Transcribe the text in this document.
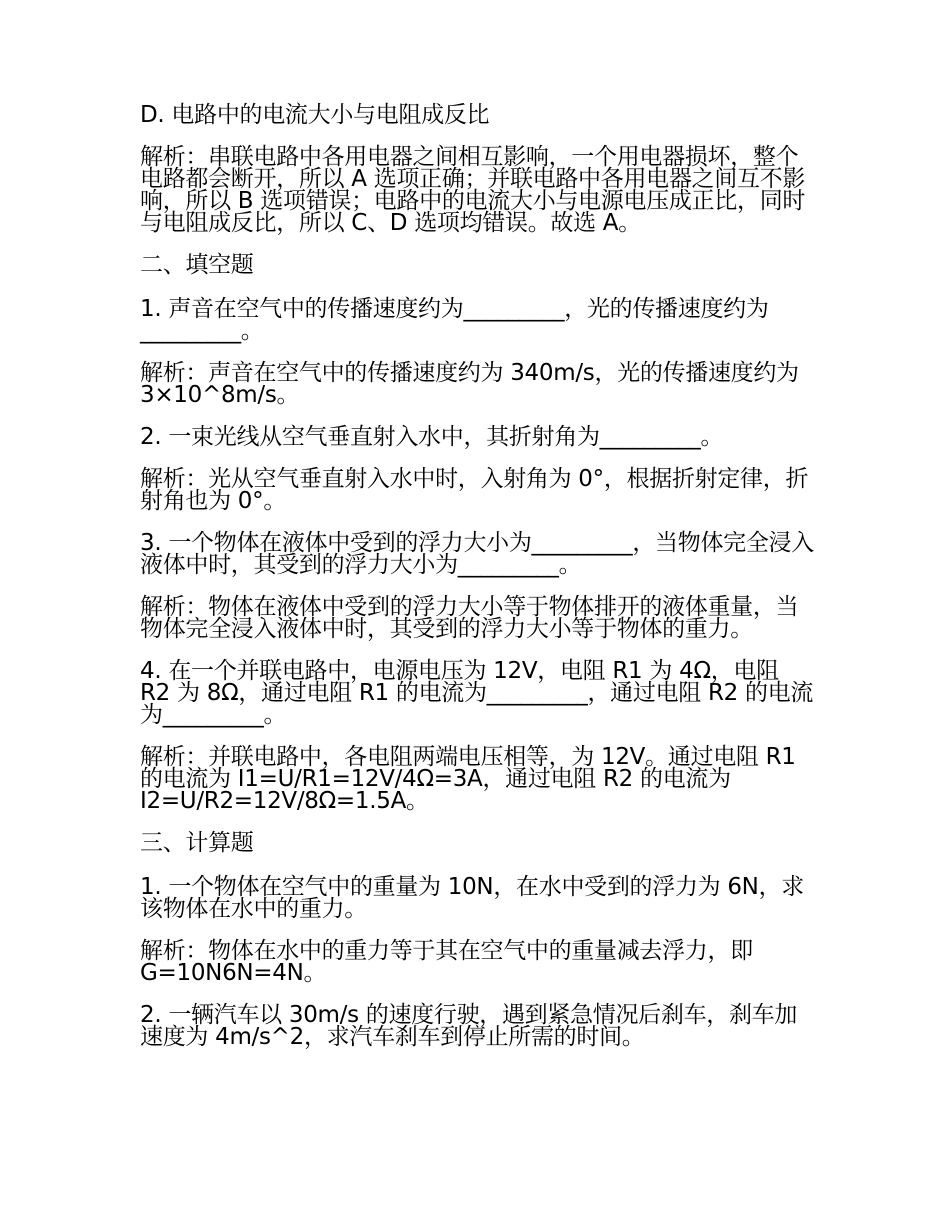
D. 电路中的电流大小与电阻成反比

解析：串联电路中各用电器之间相互影响，一个用电器损坏，整个电路都会断开，所以 A 选项正确；并联电路中各用电器之间互不影响，所以 B 选项错误；电路中的电流大小与电源电压成正比，同时与电阻成反比，所以 C、D 选项均错误。故选 A。

二、填空题

1. 声音在空气中的传播速度约为_________，光的传播速度约为_________。

解析：声音在空气中的传播速度约为 340m/s，光的传播速度约为 3×10^8m/s。

2. 一束光线从空气垂直射入水中，其折射角为_________。

解析：光从空气垂直射入水中时，入射角为 0°，根据折射定律，折射角也为 0°。

3. 一个物体在液体中受到的浮力大小为_________，当物体完全浸入液体中时，其受到的浮力大小为_________。

解析：物体在液体中受到的浮力大小等于物体排开的液体重量，当物体完全浸入液体中时，其受到的浮力大小等于物体的重力。

4. 在一个并联电路中，电源电压为 12V，电阻 R1 为 4Ω，电阻 R2 为 8Ω，通过电阻 R1 的电流为_________，通过电阻 R2 的电流为_________。

解析：并联电路中，各电阻两端电压相等，为 12V。通过电阻 R1 的电流为 I1=U/R1=12V/4Ω=3A，通过电阻 R2 的电流为 I2=U/R2=12V/8Ω=1.5A。

三、计算题

1. 一个物体在空气中的重量为 10N，在水中受到的浮力为 6N，求该物体在水中的重力。

解析：物体在水中的重力等于其在空气中的重量减去浮力，即 G=10N6N=4N。

2. 一辆汽车以 30m/s 的速度行驶，遇到紧急情况后刹车，刹车加速度为 4m/s^2，求汽车刹车到停止所需的时间。
